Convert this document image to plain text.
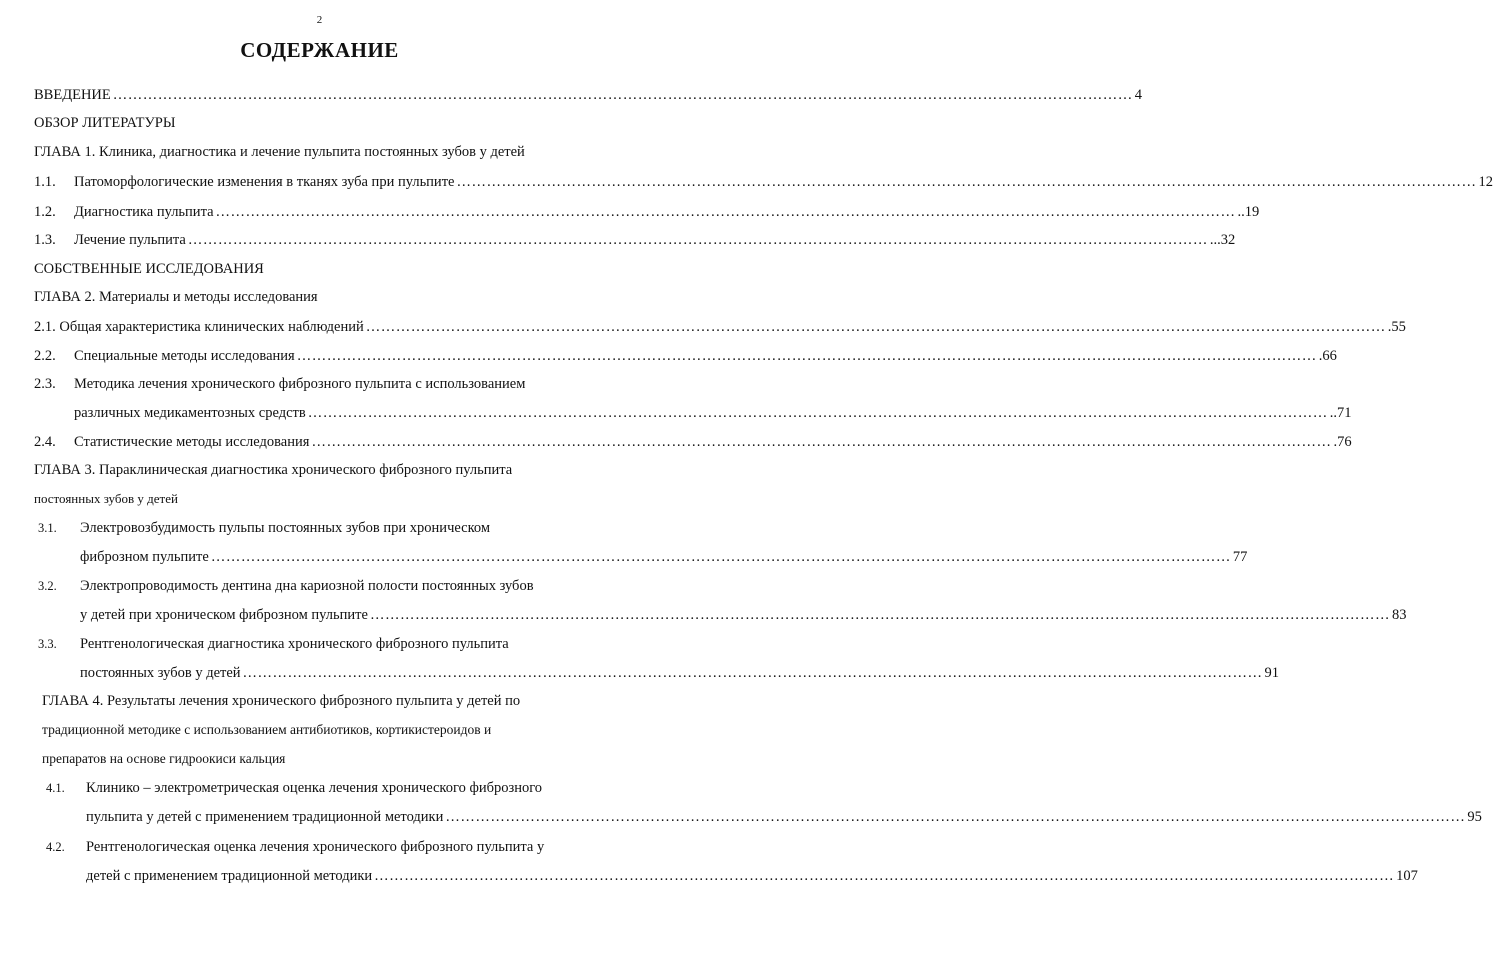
2
СОДЕРЖАНИЕ
ВВЕДЕНИЕ …………………………………………………………………………………………………………………………………………………………………………………… 4
ОБЗОР ЛИТЕРАТУРЫ
ГЛАВА 1. Клиника, диагностика и лечение пульпита постоянных зубов у детей
1.1.	Патоморфологические изменения в тканях зуба при пульпите …………………………………………………………………………………………………………………………………………………………………………………… 12
1.2.	Диагностика пульпита …………………………………………………………………………………………………………………………………………………………………………………… ..19
1.3.	Лечение пульпита …………………………………………………………………………………………………………………………………………………………………………………… ...32
СОБСТВЕННЫЕ ИССЛЕДОВАНИЯ
ГЛАВА 2. Материалы и методы исследования
2.1. Общая характеристика клинических наблюдений …………………………………………………………………………………………………………………………………………………………………………………… .55
2.2.	Специальные методы исследования …………………………………………………………………………………………………………………………………………………………………………………… .66
2.3. Методика лечения хронического фиброзного пульпита с использованием
различных медикаментозных средств …………………………………………………………………………………………………………………………………………………………………………………… ..71
2.4.	Статистические методы исследования …………………………………………………………………………………………………………………………………………………………………………………… .76
ГЛАВА 3. Параклиническая диагностика хронического фиброзного пульпита
постоянных зубов у детей
3.1. Электровозбудимость пульпы постоянных зубов при хроническом
фиброзном пульпите …………………………………………………………………………………………………………………………………………………………………………………… 77
3.2. Электропроводимость дентина дна кариозной полости постоянных зубов
у детей при хроническом фиброзном пульпите …………………………………………………………………………………………………………………………………………………………………………………… 83
3.3. Рентгенологическая диагностика хронического фиброзного пульпита
постоянных зубов у детей …………………………………………………………………………………………………………………………………………………………………………………… 91
ГЛАВА 4. Результаты лечения хронического фиброзного пульпита у детей по
традиционной методике с использованием антибиотиков, кортикистероидов и
препаратов на основе гидроокиси кальция
4.1. Клинико – электрометрическая оценка лечения хронического фиброзного
пульпита у детей с применением традиционной методики …………………………………………………………………………………………………………………………………………………………………………………… 95
4.2. Рентгенологическая оценка лечения хронического фиброзного пульпита у
детей с применением традиционной методики …………………………………………………………………………………………………………………………………………………………………………………… 107
